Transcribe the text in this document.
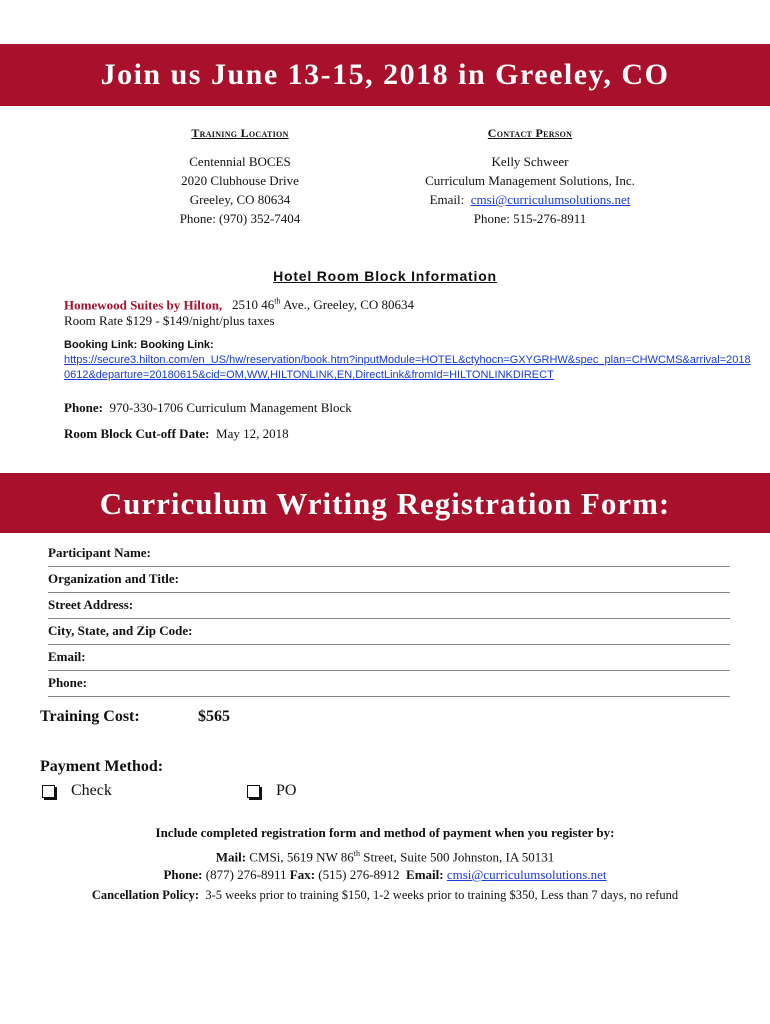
Join us June 13-15, 2018 in Greeley, CO
Training Location
Centennial BOCES
2020 Clubhouse Drive
Greeley, CO 80634
Phone: (970) 352-7404
Contact Person
Kelly Schweer
Curriculum Management Solutions, Inc.
Email: cmsi@curriculumsolutions.net
Phone: 515-276-8911
Hotel Room Block Information
Homewood Suites by Hilton, 2510 46th Ave., Greeley, CO 80634
Room Rate $129 - $149/night/plus taxes
Booking Link: Booking Link:
https://secure3.hilton.com/en_US/hw/reservation/book.htm?inputModule=HOTEL&ctyhocn=GXYGRHW&spec_plan=CHWCMS&arrival=20180612&departure=20180615&cid=OM,WW,HILTONLINK,EN,DirectLink&fromId=HILTONLINKDIRECT
Phone: 970-330-1706 Curriculum Management Block
Room Block Cut-off Date: May 12, 2018
Curriculum Writing Registration Form:
Participant Name:
Organization and Title:
Street Address:
City, State, and Zip Code:
Email:
Phone:
Training Cost:	$565
Payment Method:
Check	PO
Include completed registration form and method of payment when you register by:
Mail: CMSi, 5619 NW 86th Street, Suite 500 Johnston, IA 50131
Phone: (877) 276-8911 Fax: (515) 276-8912 Email: cmsi@curriculumsolutions.net
Cancellation Policy: 3-5 weeks prior to training $150, 1-2 weeks prior to training $350, Less than 7 days, no refund
